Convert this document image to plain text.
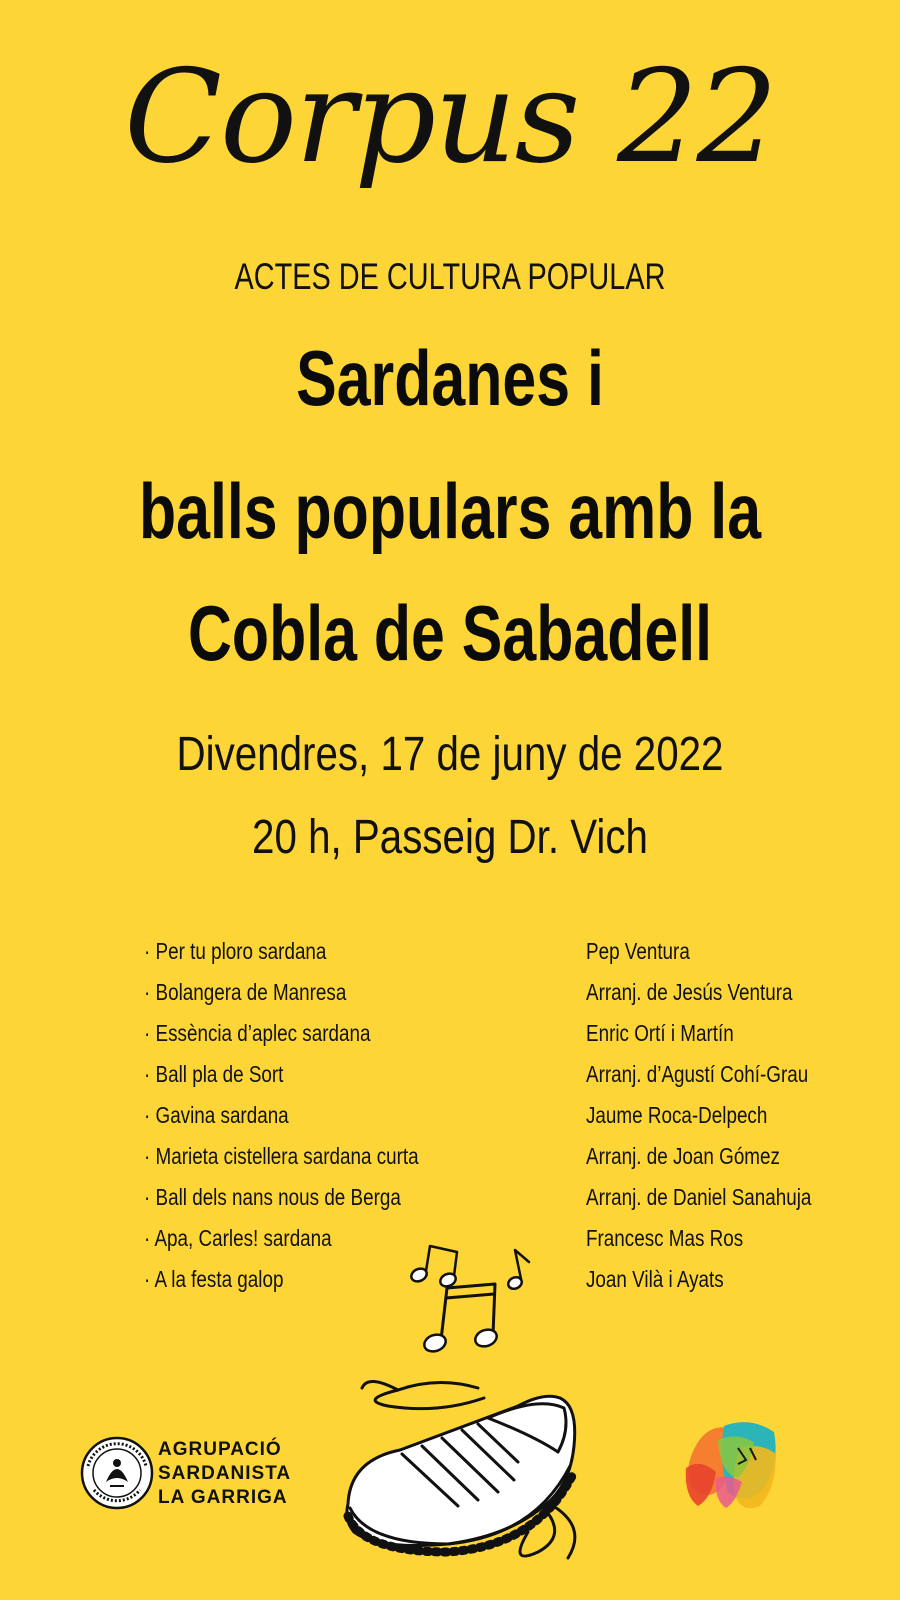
Corpus 22
ACTES DE CULTURA POPULAR
Sardanes i
balls populars amb la
Cobla de Sabadell
Divendres, 17 de juny de 2022
20 h, Passeig Dr. Vich
· Per tu ploro sardana	Pep Ventura
· Bolangera de Manresa	Arranj. de Jesús Ventura
· Essència d’aplec sardana	Enric Ortí i Martín
· Ball pla de Sort	Arranj. d’Agustí Cohí-Grau
· Gavina sardana	Jaume Roca-Delpech
· Marieta cistellera sardana curta	Arranj. de Joan Gómez
· Ball dels nans nous de Berga	Arranj. de Daniel Sanahuja
· Apa, Carles! sardana	Francesc Mas Ros
· A la festa galop	Joan Vilà i Ayats
AGRUPACIÓ
SARDANISTA
LA GARRIGA
